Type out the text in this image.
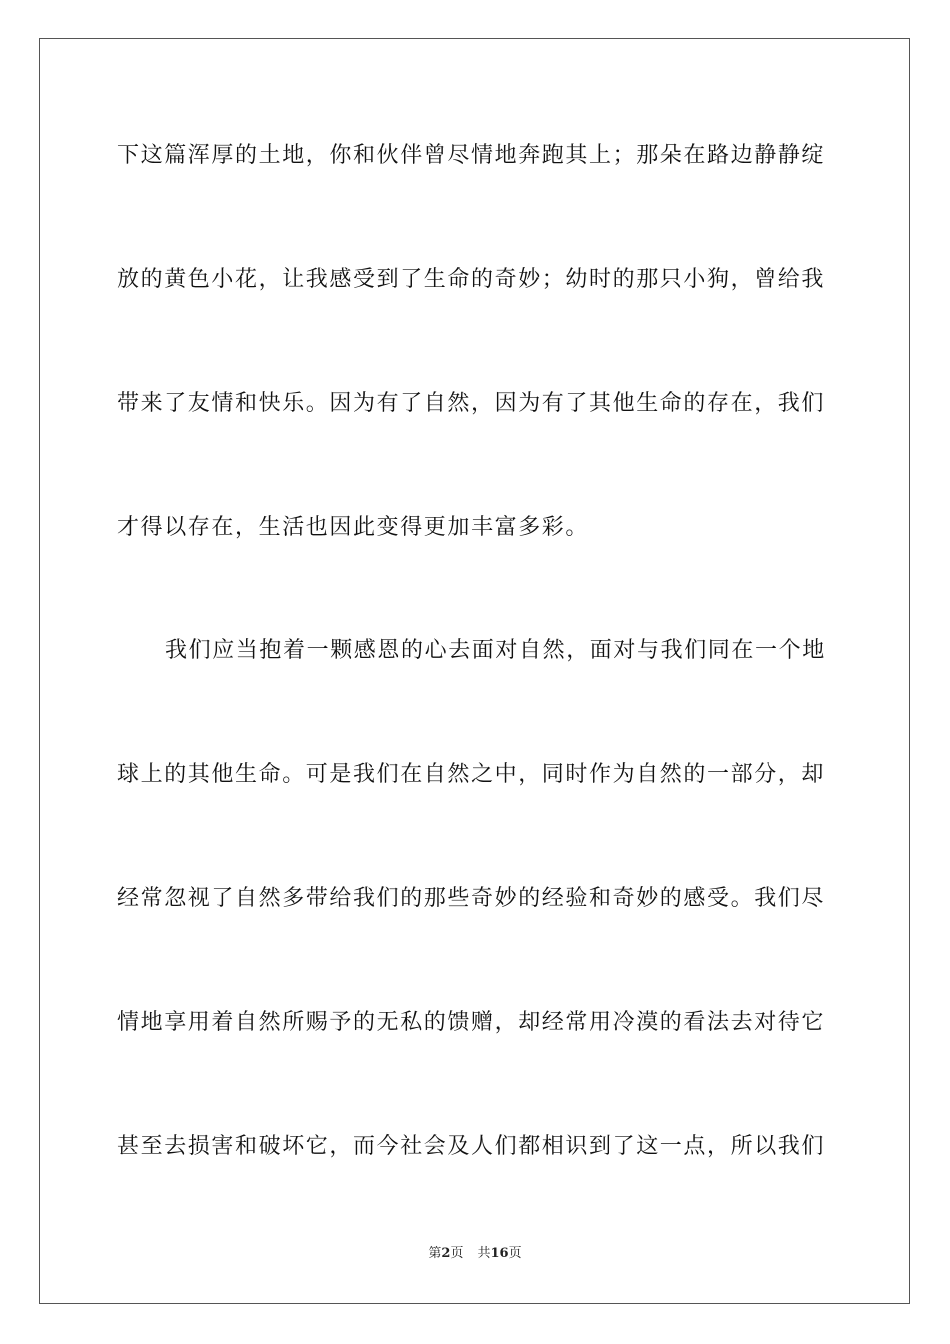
下这篇浑厚的土地，你和伙伴曾尽情地奔跑其上；那朵在路边静静绽
放的黄色小花，让我感受到了生命的奇妙；幼时的那只小狗，曾给我
带来了友情和快乐。因为有了自然，因为有了其他生命的存在，我们
才得以存在，生活也因此变得更加丰富多彩。
我们应当抱着一颗感恩的心去面对自然，面对与我们同在一个地
球上的其他生命。可是我们在自然之中，同时作为自然的一部分，却
经常忽视了自然多带给我们的那些奇妙的经验和奇妙的感受。我们尽
情地享用着自然所赐予的无私的馈赠，却经常用冷漠的看法去对待它
甚至去损害和破坏它，而今社会及人们都相识到了这一点，所以我们
第2页 共16页
